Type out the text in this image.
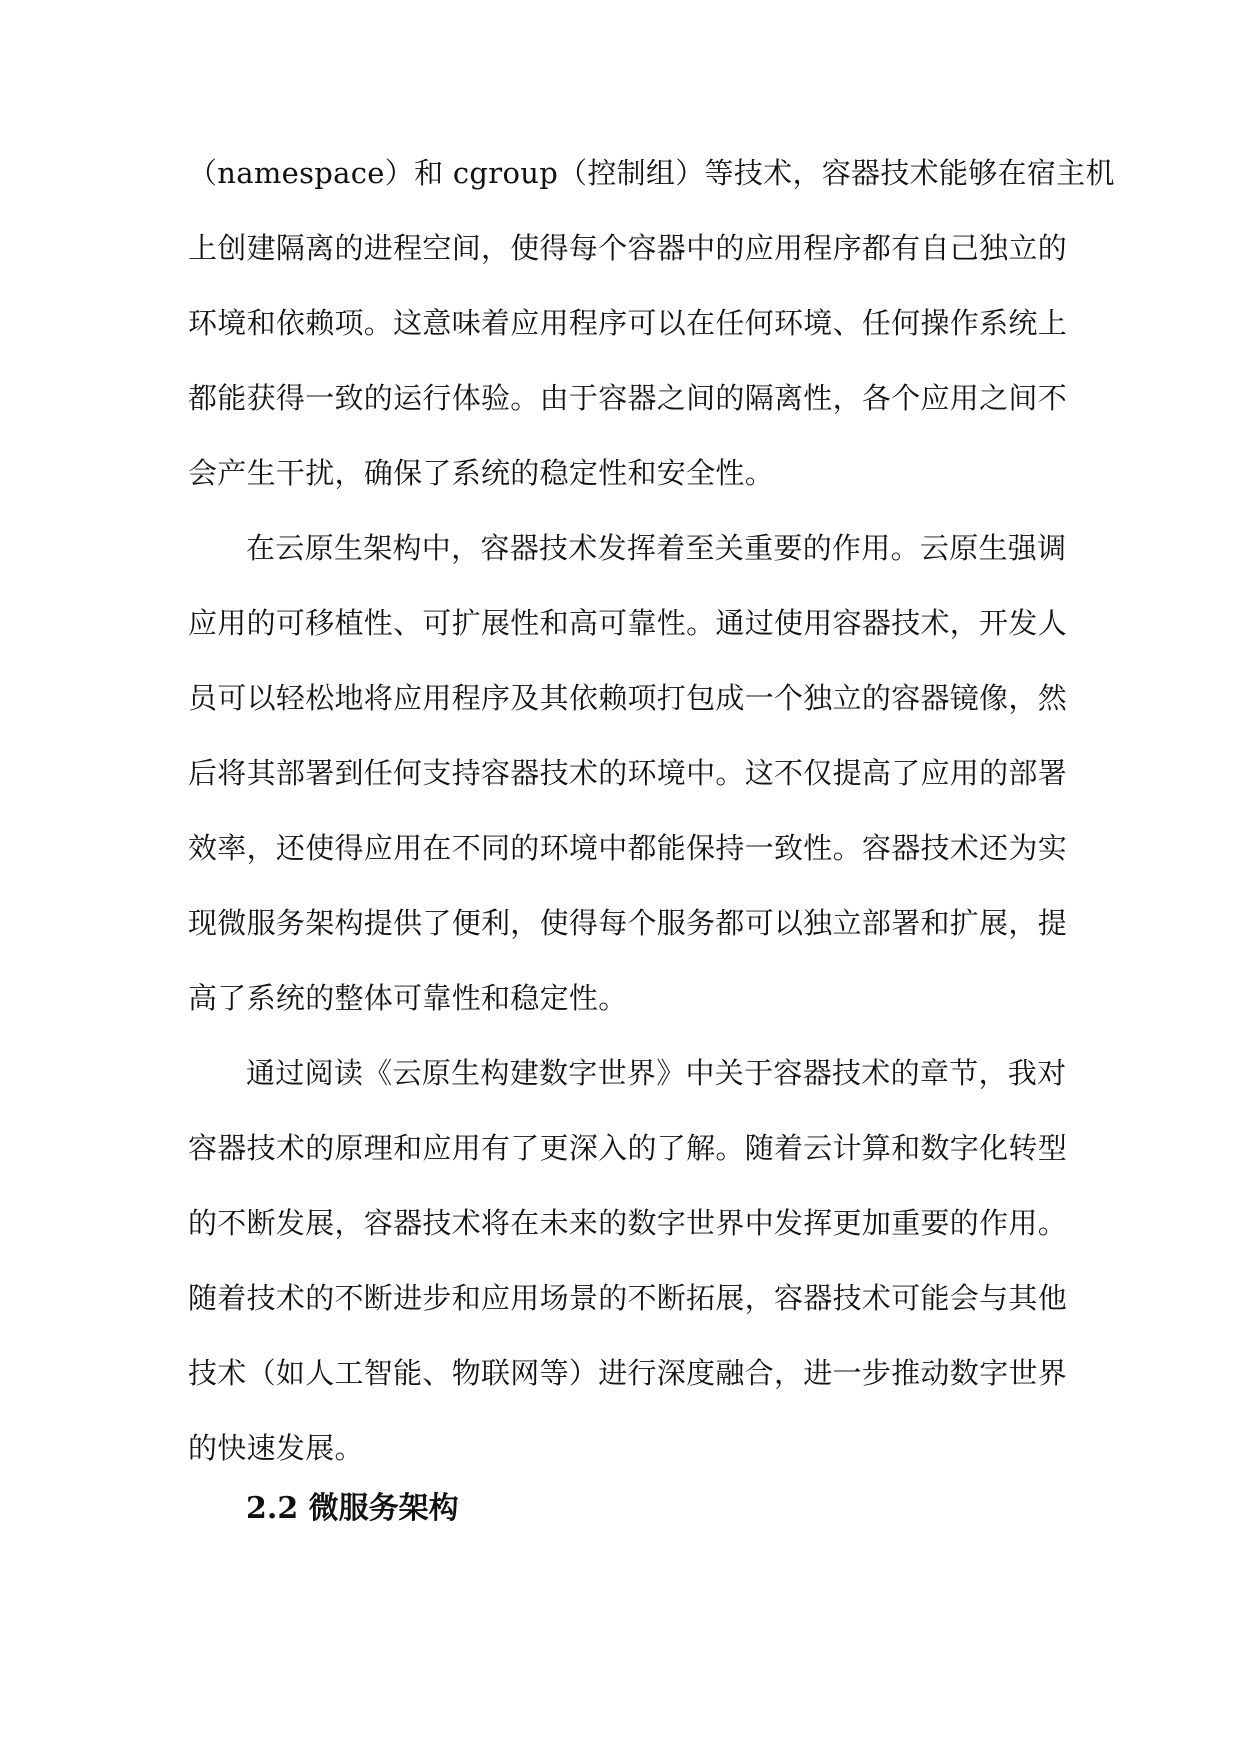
（namespace）和 cgroup（控制组）等技术，容器技术能够在宿主机
上创建隔离的进程空间，使得每个容器中的应用程序都有自己独立的
环境和依赖项。这意味着应用程序可以在任何环境、任何操作系统上
都能获得一致的运行体验。由于容器之间的隔离性，各个应用之间不
会产生干扰，确保了系统的稳定性和安全性。
在云原生架构中，容器技术发挥着至关重要的作用。云原生强调
应用的可移植性、可扩展性和高可靠性。通过使用容器技术，开发人
员可以轻松地将应用程序及其依赖项打包成一个独立的容器镜像，然
后将其部署到任何支持容器技术的环境中。这不仅提高了应用的部署
效率，还使得应用在不同的环境中都能保持一致性。容器技术还为实
现微服务架构提供了便利，使得每个服务都可以独立部署和扩展，提
高了系统的整体可靠性和稳定性。
通过阅读《云原生构建数字世界》中关于容器技术的章节，我对
容器技术的原理和应用有了更深入的了解。随着云计算和数字化转型
的不断发展，容器技术将在未来的数字世界中发挥更加重要的作用。
随着技术的不断进步和应用场景的不断拓展，容器技术可能会与其他
技术（如人工智能、物联网等）进行深度融合，进一步推动数字世界
的快速发展。
2.2 微服务架构
